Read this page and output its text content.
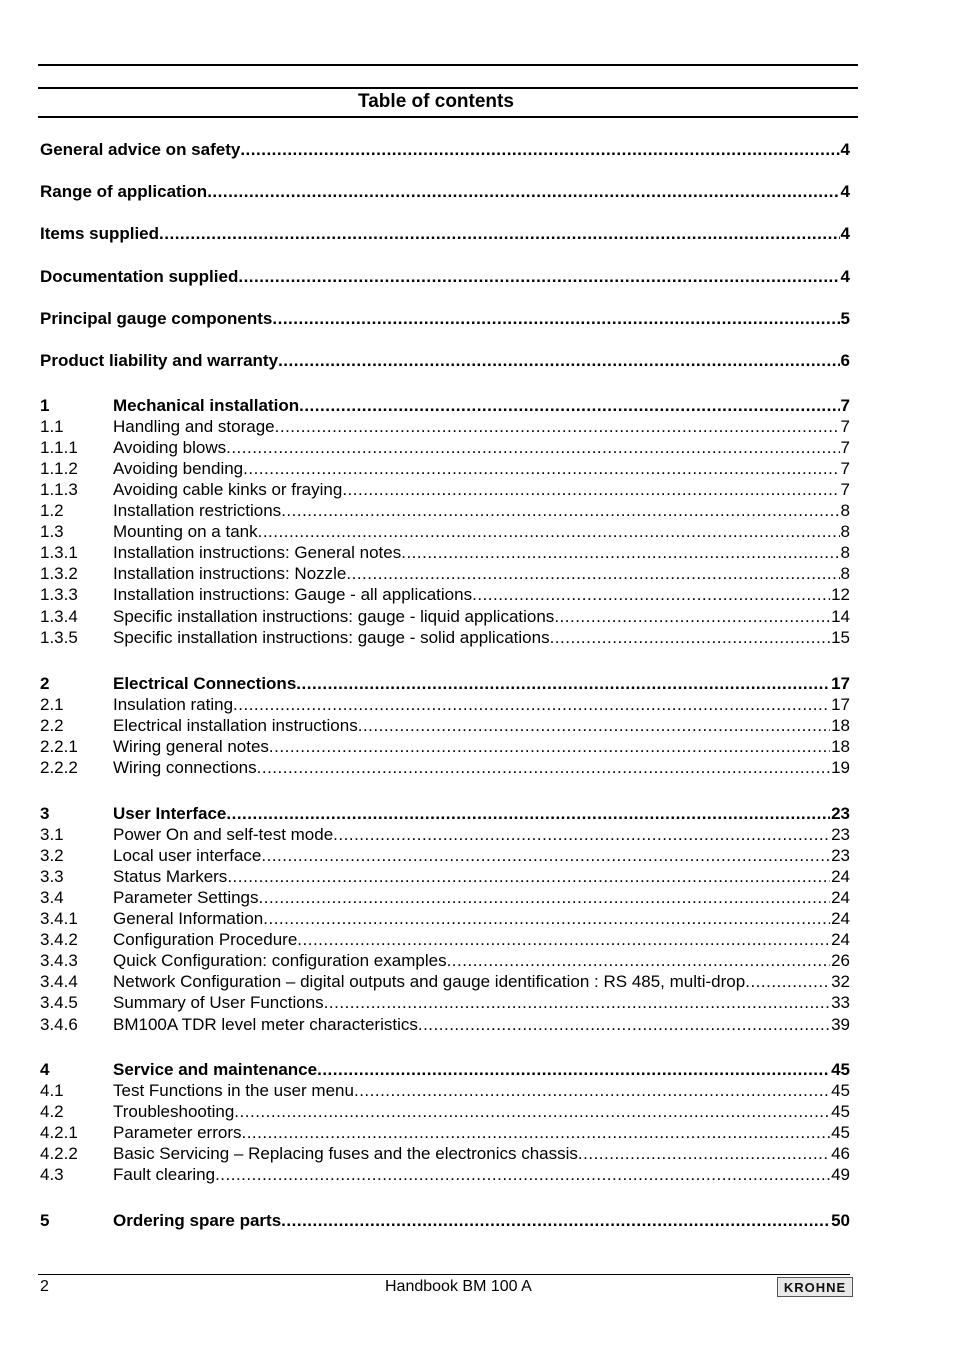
Table of contents
General advice on safety .....	4
Range of application .....	4
Items supplied .....	4
Documentation supplied .....	4
Principal gauge components .....	5
Product liability and warranty .....	6
1	Mechanical installation .....	7
1.1	Handling and storage .....	7
1.1.1	Avoiding blows .....	7
1.1.2	Avoiding bending .....	7
1.1.3	Avoiding cable kinks or fraying .....	7
1.2	Installation restrictions .....	8
1.3	Mounting on a tank .....	8
1.3.1	Installation instructions: General notes .....	8
1.3.2	Installation instructions: Nozzle .....	8
1.3.3	Installation instructions: Gauge - all applications .....	12
1.3.4	Specific installation instructions: gauge - liquid applications .....	14
1.3.5	Specific installation instructions: gauge - solid applications .....	15
2	Electrical Connections .....	17
2.1	Insulation rating .....	17
2.2	Electrical installation instructions .....	18
2.2.1	Wiring general notes .....	18
2.2.2	Wiring connections .....	19
3	User Interface .....	23
3.1	Power On and self-test mode .....	23
3.2	Local user interface .....	23
3.3	Status Markers .....	24
3.4	Parameter Settings .....	24
3.4.1	General Information .....	24
3.4.2	Configuration Procedure .....	24
3.4.3	Quick Configuration: configuration examples .....	26
3.4.4	Network Configuration – digital outputs and gauge identification : RS 485, multi-drop .....	32
3.4.5	Summary of User Functions .....	33
3.4.6	BM100A TDR level meter characteristics .....	39
4	Service and maintenance .....	45
4.1	Test Functions in the user menu .....	45
4.2	Troubleshooting .....	45
4.2.1	Parameter errors .....	45
4.2.2	Basic Servicing – Replacing fuses and the electronics chassis .....	46
4.3	Fault clearing .....	49
5	Ordering spare parts .....	50
2	Handbook BM 100 A	KROHNE
